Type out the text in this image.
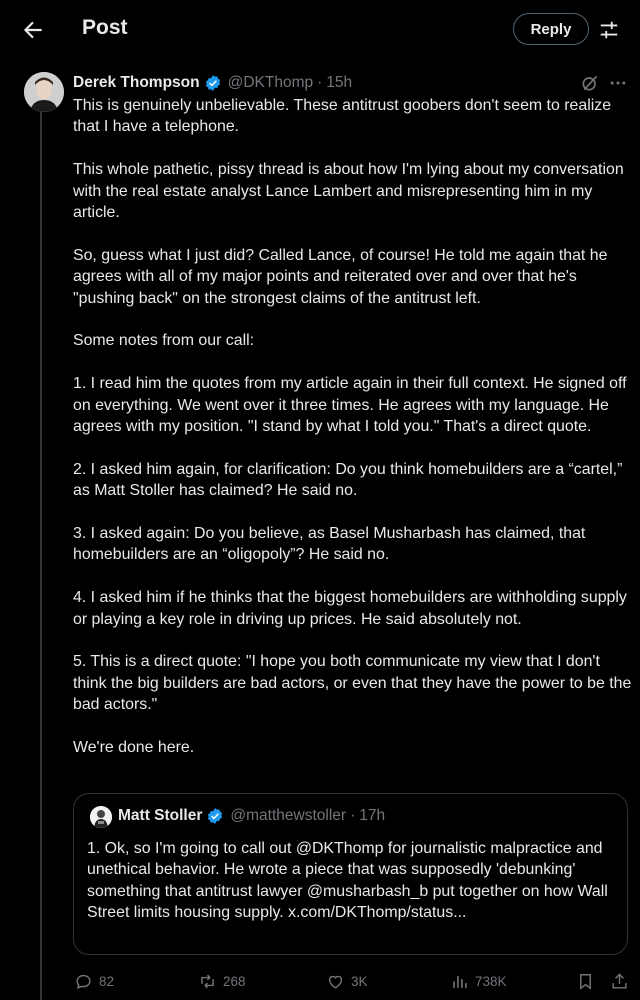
Post	Reply
Derek Thompson @DKThomp · 15h

This is genuinely unbelievable. These antitrust goobers don't seem to realize that I have a telephone.

This whole pathetic, pissy thread is about how I'm lying about my conversation with the real estate analyst Lance Lambert and misrepresenting him in my article.

So, guess what I just did? Called Lance, of course! He told me again that he agrees with all of my major points and reiterated over and over that he's "pushing back" on the strongest claims of the antitrust left.

Some notes from our call:

1. I read him the quotes from my article again in their full context. He signed off on everything. We went over it three times. He agrees with my language. He agrees with my position. "I stand by what I told you." That's a direct quote.

2. I asked him again, for clarification: Do you think homebuilders are a “cartel,” as Matt Stoller has claimed? He said no.

3. I asked again: Do you believe, as Basel Musharbash has claimed, that homebuilders are an “oligopoly”? He said no.

4. I asked him if he thinks that the biggest homebuilders are withholding supply or playing a key role in driving up prices. He said absolutely not.

5. This is a direct quote: "I hope you both communicate my view that I don't think the big builders are bad actors, or even that they have the power to be the bad actors."

We're done here.

Matt Stoller @matthewstoller · 17h
1. Ok, so I'm going to call out @DKThomp for journalistic malpractice and unethical behavior. He wrote a piece that was supposedly 'debunking' something that antitrust lawyer @musharbash_b put together on how Wall Street limits housing supply. x.com/DKThomp/status...
82	268	3K	738K
